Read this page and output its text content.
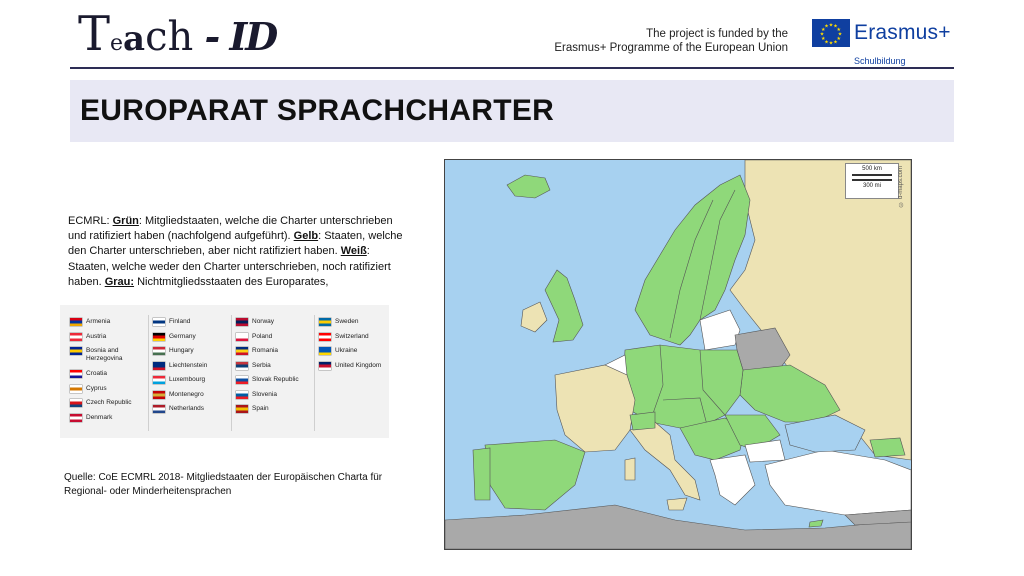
Teach - ID	The project is funded by the
Erasmus+ Programme of the European Union
★ ★
★
★
★
★
★
★
★
★
★
★ Erasmus+
Schulbildung
EUROPARAT SPRACHCHARTER
ECMRL: Grün: Mitgliedstaaten, welche die Charter unterschrieben und ratifiziert haben (nachfolgend aufgeführt). Gelb: Staaten, welche den Charter unterschrieben, aber nicht ratifiziert haben. Weiß: Staaten, welche weder den Charter unterschrieben, noch ratifiziert haben. Grau: Nichtmitgliedsstaaten des Europarates,
Armenia
Austria
Bosnia and Herzegovina
Croatia
Cyprus
Czech Republic
Denmark
Finland
Germany
Hungary
Liechtenstein
Luxembourg
Montenegro
Netherlands
Norway
Poland
Romania
Serbia
Slovak Republic
Slovenia
Spain
Sweden
Switzerland
Ukraine
United Kingdom
Quelle: CoE ECMRL 2018- Mitgliedstaaten der Europäischen Charta für Regional- oder Minderheitensprachen
500 km
300 mi	© d-maps.com
